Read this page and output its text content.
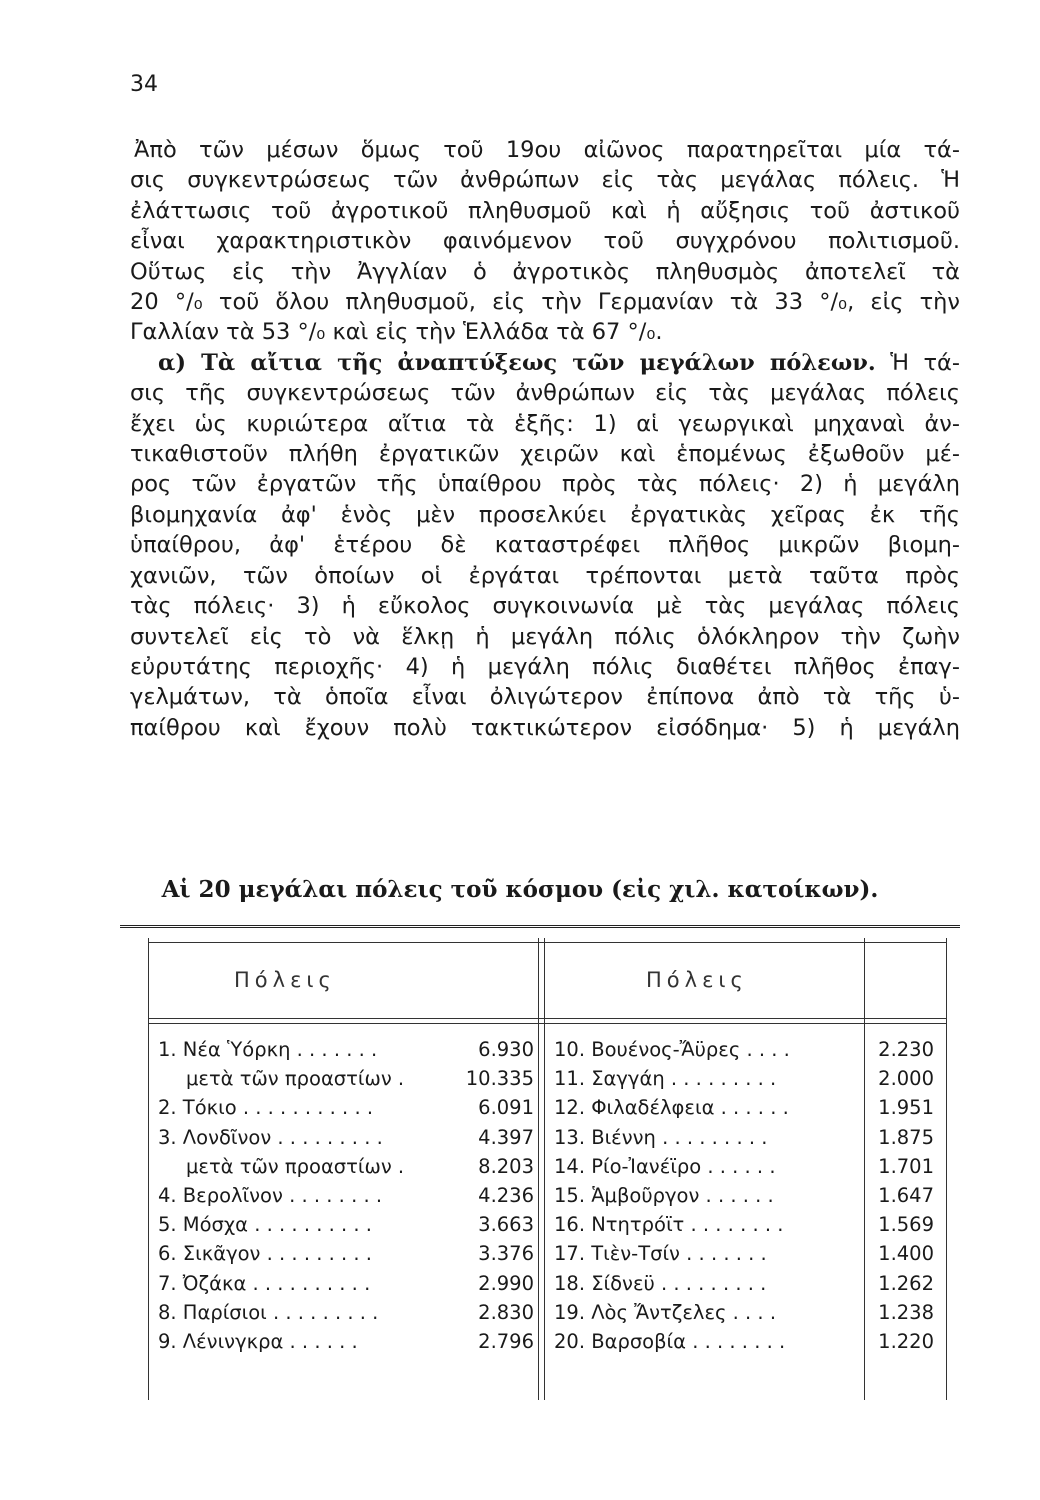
34
Ἀπὸ τῶν μέσων ὅμως τοῦ 19ου αἰῶνος παρατηρεῖται μία τά-
σις συγκεντρώσεως τῶν ἀνθρώπων εἰς τὰς μεγάλας πόλεις. Ἡ
ἐλάττωσις τοῦ ἀγροτικοῦ πληθυσμοῦ καὶ ἡ αὔξησις τοῦ ἀστικοῦ
εἶναι χαρακτηριστικὸν φαινόμενον τοῦ συγχρόνου πολιτισμοῦ.
Οὕτως εἰς τὴν Ἀγγλίαν ὁ ἀγροτικὸς πληθυσμὸς ἀποτελεῖ τὰ
20 °/₀ τοῦ ὅλου πληθυσμοῦ, εἰς τὴν Γερμανίαν τὰ 33 °/₀, εἰς τὴν
Γαλλίαν τὰ 53 °/₀ καὶ εἰς τὴν Ἑλλάδα τὰ 67 °/₀.
α) Τὰ αἴτια τῆς ἀναπτύξεως τῶν μεγάλων πόλεων. Ἡ τά-
σις τῆς συγκεντρώσεως τῶν ἀνθρώπων εἰς τὰς μεγάλας πόλεις
ἔχει ὡς κυριώτερα αἴτια τὰ ἑξῆς: 1) αἱ γεωργικαὶ μηχαναὶ ἀν-
τικαθιστοῦν πλήθη ἐργατικῶν χειρῶν καὶ ἑπομένως ἐξωθοῦν μέ-
ρος τῶν ἐργατῶν τῆς ὑπαίθρου πρὸς τὰς πόλεις· 2) ἡ μεγάλη
βιομηχανία ἀφ' ἑνὸς μὲν προσελκύει ἐργατικὰς χεῖρας ἐκ τῆς
ὑπαίθρου, ἀφ' ἑτέρου δὲ καταστρέφει πλῆθος μικρῶν βιομη-
χανιῶν, τῶν ὁποίων οἱ ἐργάται τρέπονται μετὰ ταῦτα πρὸς
τὰς πόλεις· 3) ἡ εὔκολος συγκοινωνία μὲ τὰς μεγάλας πόλεις
συντελεῖ εἰς τὸ νὰ ἕλκῃ ἡ μεγάλη πόλις ὁλόκληρον τὴν ζωὴν
εὐρυτάτης περιοχῆς· 4) ἡ μεγάλη πόλις διαθέτει πλῆθος ἐπαγ-
γελμάτων, τὰ ὁποῖα εἶναι ὀλιγώτερον ἐπίπονα ἀπὸ τὰ τῆς ὑ-
παίθρου καὶ ἔχουν πολὺ τακτικώτερον εἰσόδημα· 5) ἡ μεγάλη
Αἱ 20 μεγάλαι πόλεις τοῦ κόσμου (εἰς χιλ. κατοίκων).
Πόλεις	Πόλεις
1. Νέα Ὑόρκη . . . . . . .	6.930 10. Βουένος-Ἄϋρες . . . .	2.230
μετὰ τῶν προαστίων .	10.335 11. Σαγγάη . . . . . . . . .	2.000
2. Τόκιο . . . . . . . . . . .	6.091 12. Φιλαδέλφεια . . . . . .	1.951
3. Λονδῖνον . . . . . . . . .	4.397 13. Βιέννη . . . . . . . . .	1.875
μετὰ τῶν προαστίων .	8.203 14. Ρίο-Ἰανέϊρο . . . . . .	1.701
4. Βερολῖνον . . . . . . . .	4.236 15. Ἁμβοῦργον . . . . . .	1.647
5. Μόσχα . . . . . . . . . .	3.663 16. Ντητρόϊτ . . . . . . . .	1.569
6. Σικᾶγον . . . . . . . . .	3.376 17. Τιὲν-Τσίν . . . . . . .	1.400
7. Ὀζάκα . . . . . . . . . .	2.990 18. Σίδνεϋ . . . . . . . . .	1.262
8. Παρίσιοι . . . . . . . . .	2.830 19. Λὸς Ἄντζελες . . . .	1.238
9. Λένινγκρα . . . . . .	2.796 20. Βαρσοβία . . . . . . . .	1.220
